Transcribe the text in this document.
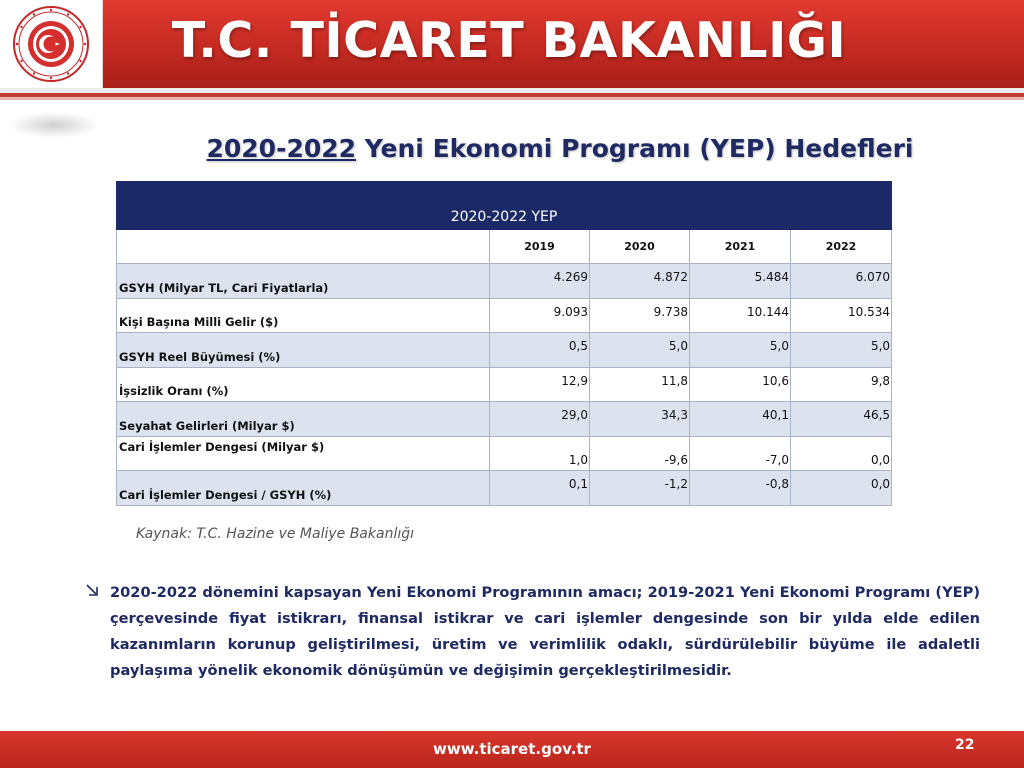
T.C. TİCARET BAKANLIĞI
2020-2022 Yeni Ekonomi Programı (YEP) Hedefleri
2020-2022 YEP				
	2019	2020	2021	2022
GSYH (Milyar TL, Cari Fiyatlarla)	4.269	4.872	5.484	6.070
Kişi Başına Milli Gelir ($)	9.093	9.738	10.144	10.534
GSYH Reel Büyümesi (%)	0,5	5,0	5,0	5,0
İşsizlik Oranı (%)	12,9	11,8	10,6	9,8
Seyahat Gelirleri (Milyar $)	29,0	34,3	40,1	46,5
Cari İşlemler Dengesi (Milyar $)	1,0	-9,6	-7,0	0,0
Cari İşlemler Dengesi / GSYH (%)	0,1	-1,2	-0,8	0,0
Kaynak: T.C. Hazine ve Maliye Bakanlığı
2020-2022 dönemini kapsayan Yeni Ekonomi Programının amacı; 2019-2021 Yeni Ekonomi Programı (YEP) çerçevesinde fiyat istikrarı, finansal istikrar ve cari işlemler dengesinde son bir yılda elde edilen kazanımların korunup geliştirilmesi, üretim ve verimlilik odaklı, sürdürülebilir büyüme ile adaletli paylaşıma yönelik ekonomik dönüşümün ve değişimin gerçekleştirilmesidir.
www.ticaret.gov.tr	22
